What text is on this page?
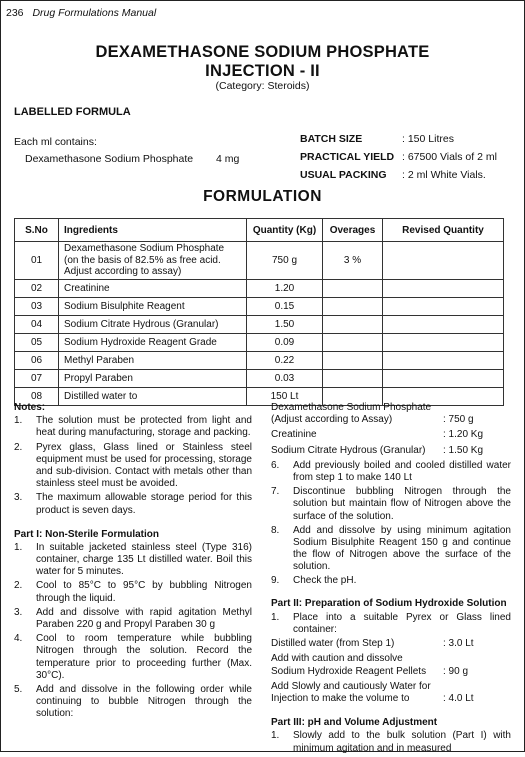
236 Drug Formulations Manual
DEXAMETHASONE SODIUM PHOSPHATE
INJECTION - II
(Category: Steroids)
LABELLED FORMULA
Each ml contains:
Dexamethasone Sodium Phosphate 4 mg
BATCH SIZE	: 150 Litres
PRACTICAL YIELD : 67500 Vials of 2 ml
USUAL PACKING : 2 ml White Vials.
FORMULATION
S.No	Ingredients	Quantity (Kg)	Overages	Revised Quantity
01	Dexamethasone Sodium Phosphate (on the basis of 82.5% as free acid. Adjust according to assay)	750 g	3 %	
02	Creatinine	1.20		
03	Sodium Bisulphite Reagent	0.15		
04	Sodium Citrate Hydrous (Granular)	1.50		
05	Sodium Hydroxide Reagent Grade	0.09		
06	Methyl Paraben	0.22		
07	Propyl Paraben	0.03		
08	Distilled water to	150 Lt		

Notes:

1.	The solution must be protected from light and heat during manufacturing, storage and packing.
2.	Pyrex glass, Glass lined or Stainless steel equipment must be used for processing, storage and sub-division. Contact with metals other than stainless steel must be avoided.
3.	The maximum allowable storage period for this product is seven days.

Part I: Non-Sterile Formulation

1.	In suitable jacketed stainless steel (Type 316) container, charge 135 Lt distilled water. Boil this water for 5 minutes.
2.	Cool to 85°C to 95°C by bubbling Nitrogen through the liquid.
3.	Add and dissolve with rapid agitation Methyl Paraben 220 g and Propyl Paraben 30 g
4.	Cool to room temperature while bubbling Nitrogen through the solution. Record the temperature prior to proceeding further (Max. 30°C).
5.	Add and dissolve in the following order while continuing to bubble Nitrogen through the solution:
Dexamethasone Sodium Phosphate (Adjust according to Assay)	: 750 g
Creatinine	: 1.20 Kg
Sodium Citrate Hydrous (Granular) : 1.50 Kg
6.	Add previously boiled and cooled distilled water from step 1 to make 140 Lt
7.	Discontinue bubbling Nitrogen through the solution but maintain flow of Nitrogen above the surface of the solution.
8.	Add and dissolve by using minimum agitation Sodium Bisulphite Reagent 150 g and continue the flow of Nitrogen above the surface of the solution.
9.	Check the pH.
Part II: Preparation of Sodium Hydroxide Solution
1.	Place into a suitable Pyrex or Glass lined container:
Distilled water (from Step 1)	: 3.0 Lt
Add with caution and dissolve Sodium Hydroxide Reagent Pellets	: 90 g
Add Slowly and cautiously Water for Injection to make the volume to	: 4.0 Lt

Part III: pH and Volume Adjustment

1.	Slowly add to the bulk solution (Part I) with minimum agitation and in measured
